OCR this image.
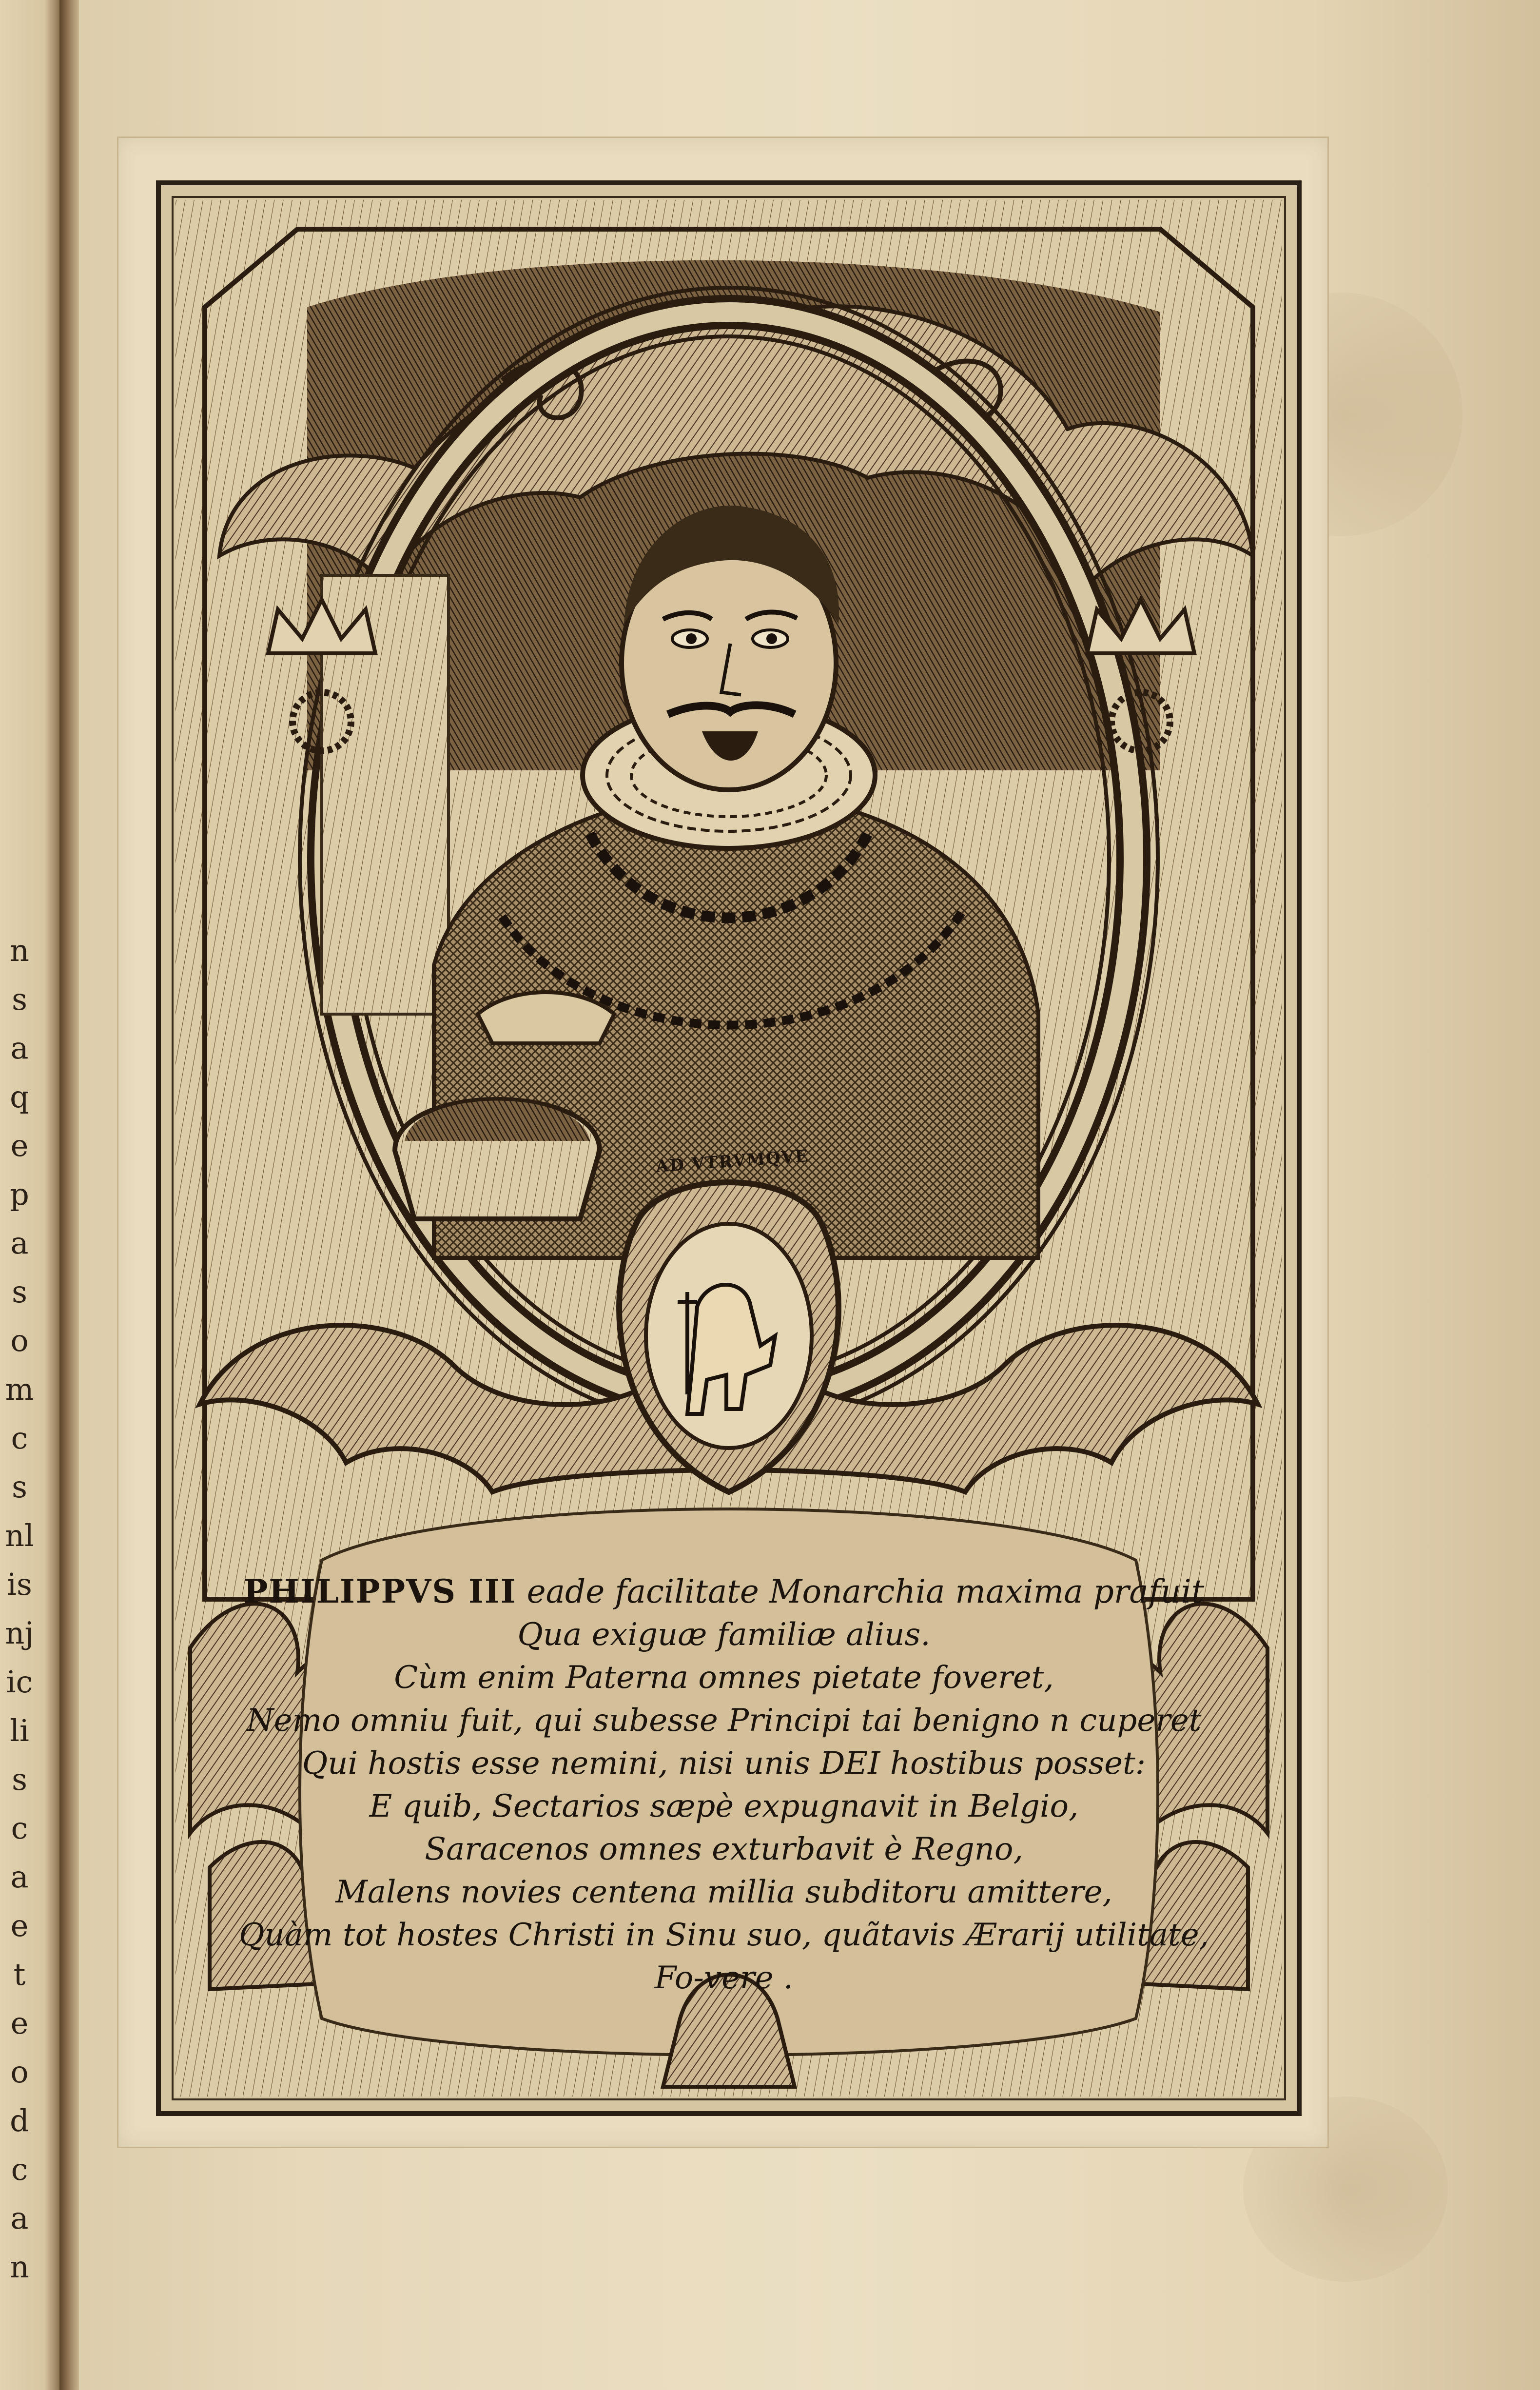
nsaqepasomcsnlisnjicliscaeteodcan
AD VTRVMQVE
PHILIPPVS III eade facilitate Monarchia maxima prafuit
Qua exiguæ familiæ alius.
Cùm enim Paterna omnes pietate foveret,
Nemo omniu fuit, qui subesse Principi tai benigno n cuperet
Qui hostis esse nemini, nisi unis DEI hostibus posset:
E quib, Sectarios sæpè expugnavit in Belgio,
Saracenos omnes exturbavit è Regno,
Malens novies centena millia subditoru amittere,
Quàm tot hostes Christi in Sinu suo, quãtavis Ærarij utilitate,
Fo-vere .
